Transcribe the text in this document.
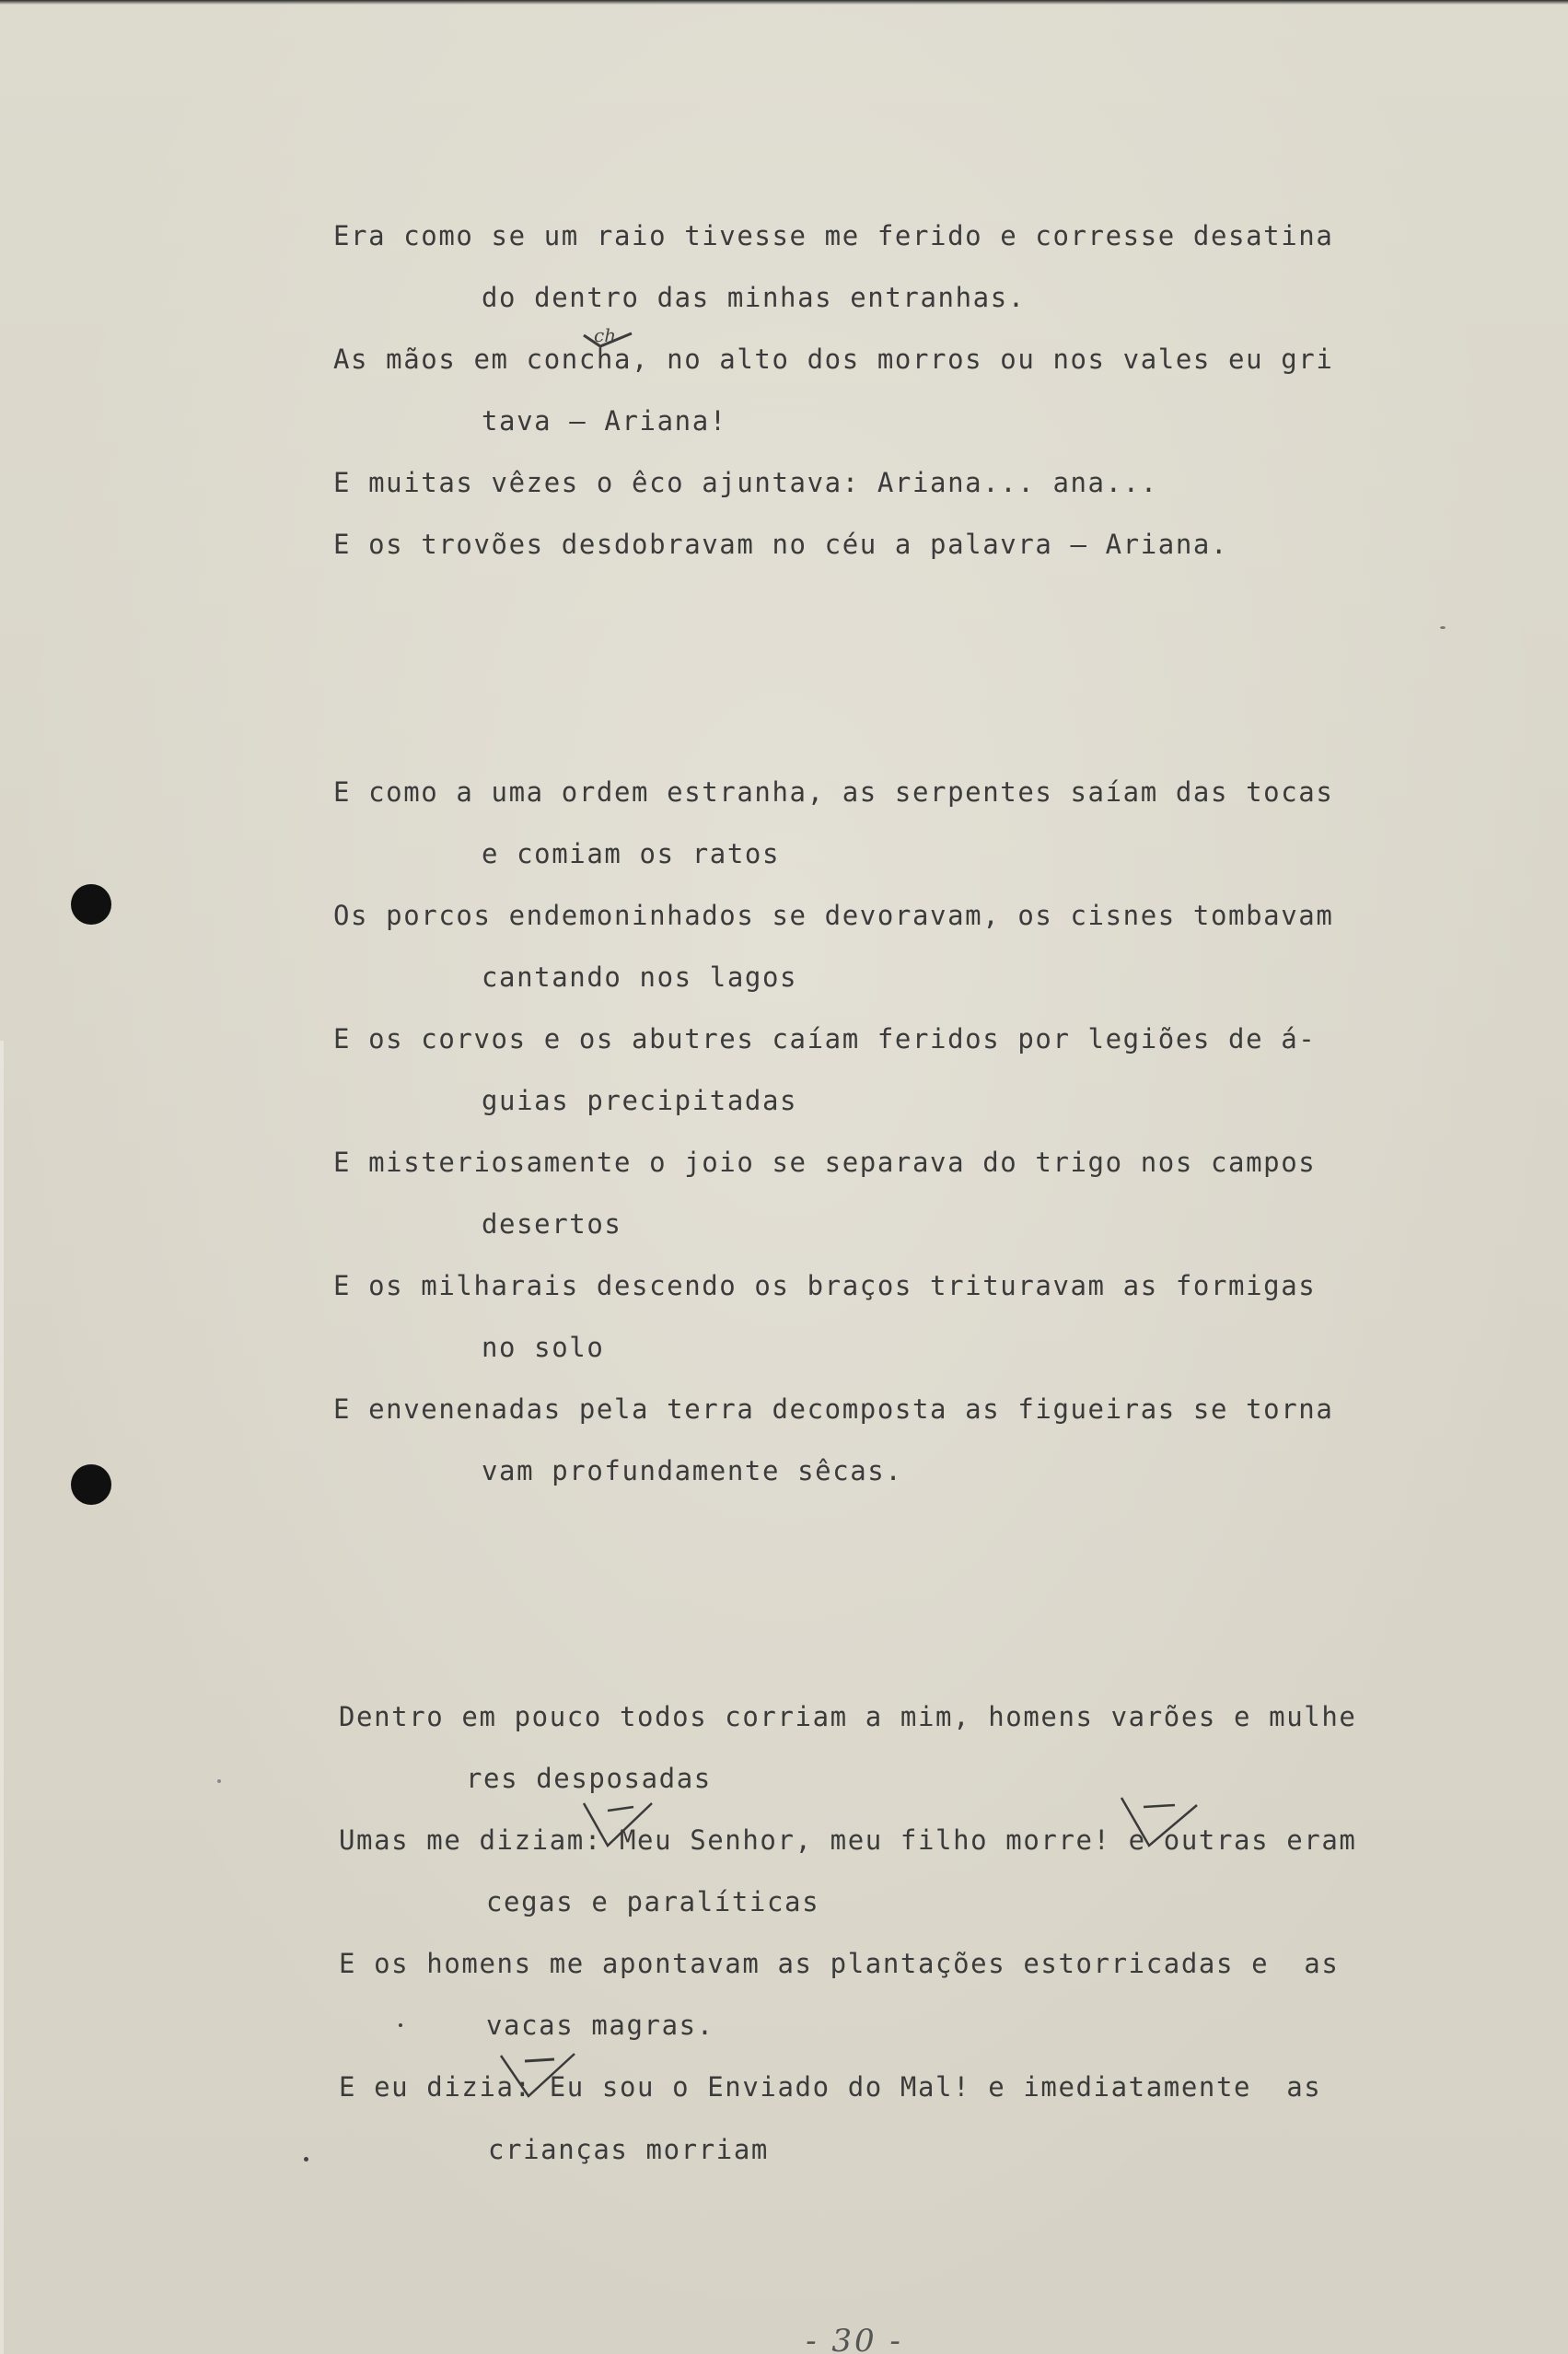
Era como se um raio tivesse me ferido e corresse desatina

do dentro das minhas entranhas.

As mãos em concha, no alto dos morros ou nos vales eu gri

tava — Ariana!

E muitas vêzes o êco ajuntava: Ariana... ana...

E os trovões desdobravam no céu a palavra — Ariana.

ch

E como a uma ordem estranha, as serpentes saíam das tocas

e comiam os ratos

Os porcos endemoninhados se devoravam, os cisnes tombavam

cantando nos lagos

E os corvos e os abutres caíam feridos por legiões de á-

guias precipitadas

E misteriosamente o joio se separava do trigo nos campos

desertos

E os milharais descendo os braços trituravam as formigas

no solo

E envenenadas pela terra decomposta as figueiras se torna

vam profundamente sêcas.

Dentro em pouco todos corriam a mim, homens varões e mulhe

res desposadas

Umas me diziam: Meu Senhor, meu filho morre! e outras eram

cegas e paralíticas

E os homens me apontavam as plantações estorricadas e  as

vacas magras.

E eu dizia: Eu sou o Enviado do Mal! e imediatamente  as

crianças morriam

- 30 -
